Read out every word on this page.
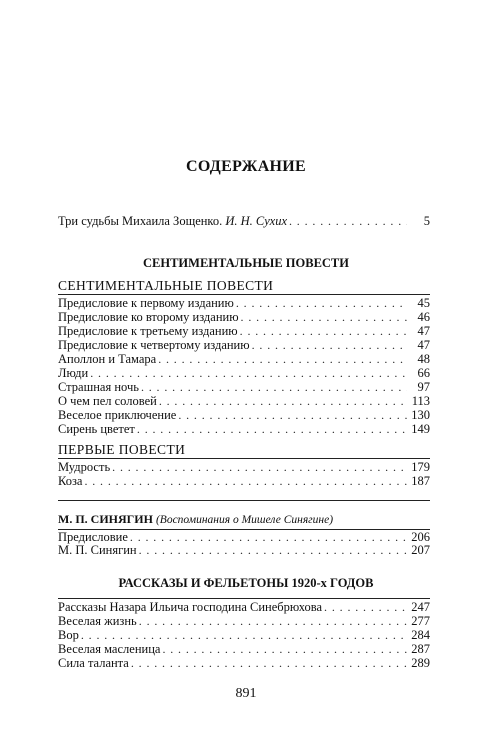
СОДЕРЖАНИЕ
Три судьбы Михаила Зощенко. И. Н. Сухих . . .	5
СЕНТИМЕНТАЛЬНЫЕ ПОВЕСТИ
СЕНТИМЕНТАЛЬНЫЕ ПОВЕСТИ
Предисловие к первому изданию . . .	45
Предисловие ко второму изданию . . .	46
Предисловие к третьему изданию . . .	47
Предисловие к четвертому изданию . . .	47
Аполлон и Тамара . . .	48
Люди . . .	66
Страшная ночь . . .	97
О чем пел соловей . . .	113
Веселое приключение . . .	130
Сирень цветет . . .	149
ПЕРВЫЕ ПОВЕСТИ
Мудрость . . .	179
Коза . . .	187
М. П. СИНЯГИН (Воспоминания о Мишеле Синягине)
Предисловие . . .	206
М. П. Синягин . . .	207
РАССКАЗЫ И ФЕЛЬЕТОНЫ 1920-х ГОДОВ
Рассказы Назара Ильича господина Синебрюхова . . .	247
Веселая жизнь . . .	277
Вор . . .	284
Веселая масленица . . .	287
Сила таланта . . .	289
891
